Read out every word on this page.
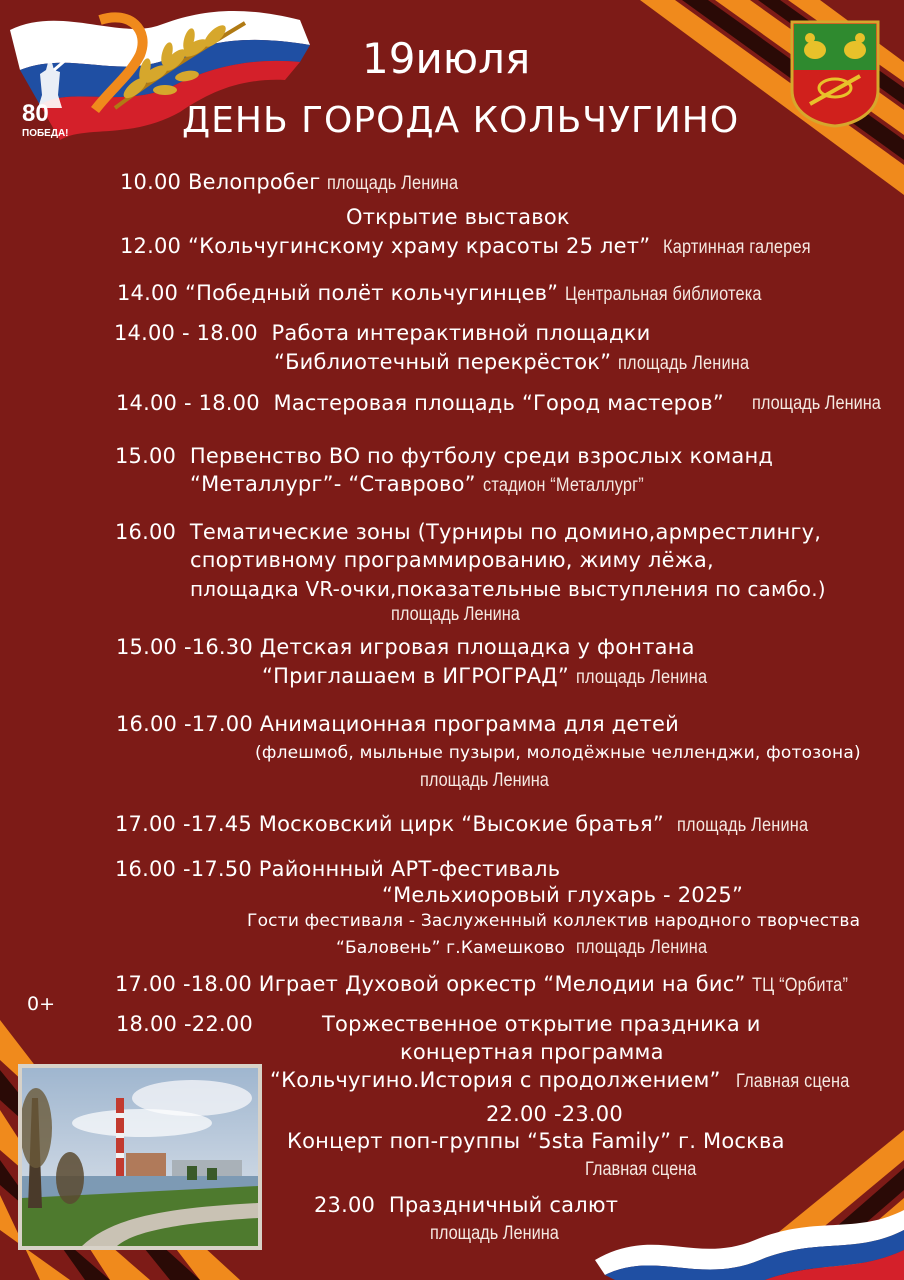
80
ПОБЕДА!
19июля
ДЕНЬ ГОРОДА КОЛЬЧУГИНО
10.00 Велопробег площадь Ленина
Открытие выставок
12.00 “Кольчугинскому храму красоты 25 лет” Картинная галерея
14.00 “Победный полёт кольчугинцев” Центральная библиотека
14.00 - 18.00 Работа интерактивной площадки
“Библиотечный перекрёсток” площадь Ленина
14.00 - 18.00 Мастеровая площадь “Город мастеров” площадь Ленина
15.00 Первенство ВО по футболу среди взрослых команд
“Металлург”- “Ставрово” стадион “Металлург”
16.00 Тематические зоны (Турниры по домино,армрестлингу,
спортивному программированию, жиму лёжа,
площадка VR-очки,показательные выступления по самбо.)
площадь Ленина
15.00 -16.30 Детская игровая площадка у фонтана
“Приглашаем в ИГРОГРАД” площадь Ленина
16.00 -17.00 Анимационная программа для детей
(флешмоб, мыльные пузыри, молодёжные челленджи, фотозона)
площадь Ленина
17.00 -17.45 Московский цирк “Высокие братья” площадь Ленина
16.00 -17.50 Районнный АРТ-фестиваль
“Мельхиоровый глухарь - 2025”
Гости фестиваля - Заслуженный коллектив народного творчества
“Баловень” г.Камешково площадь Ленина
17.00 -18.00 Играет Духовой оркестр “Мелодии на бис” ТЦ “Орбита”
0+
18.00 -22.00	Торжественное открытие праздника и
концертная программа
“Кольчугино.История с продолжением” Главная сцена
22.00 -23.00
Концерт поп-группы “5sta Family” г. Москва
Главная сцена
23.00 Праздничный салют
площадь Ленина
